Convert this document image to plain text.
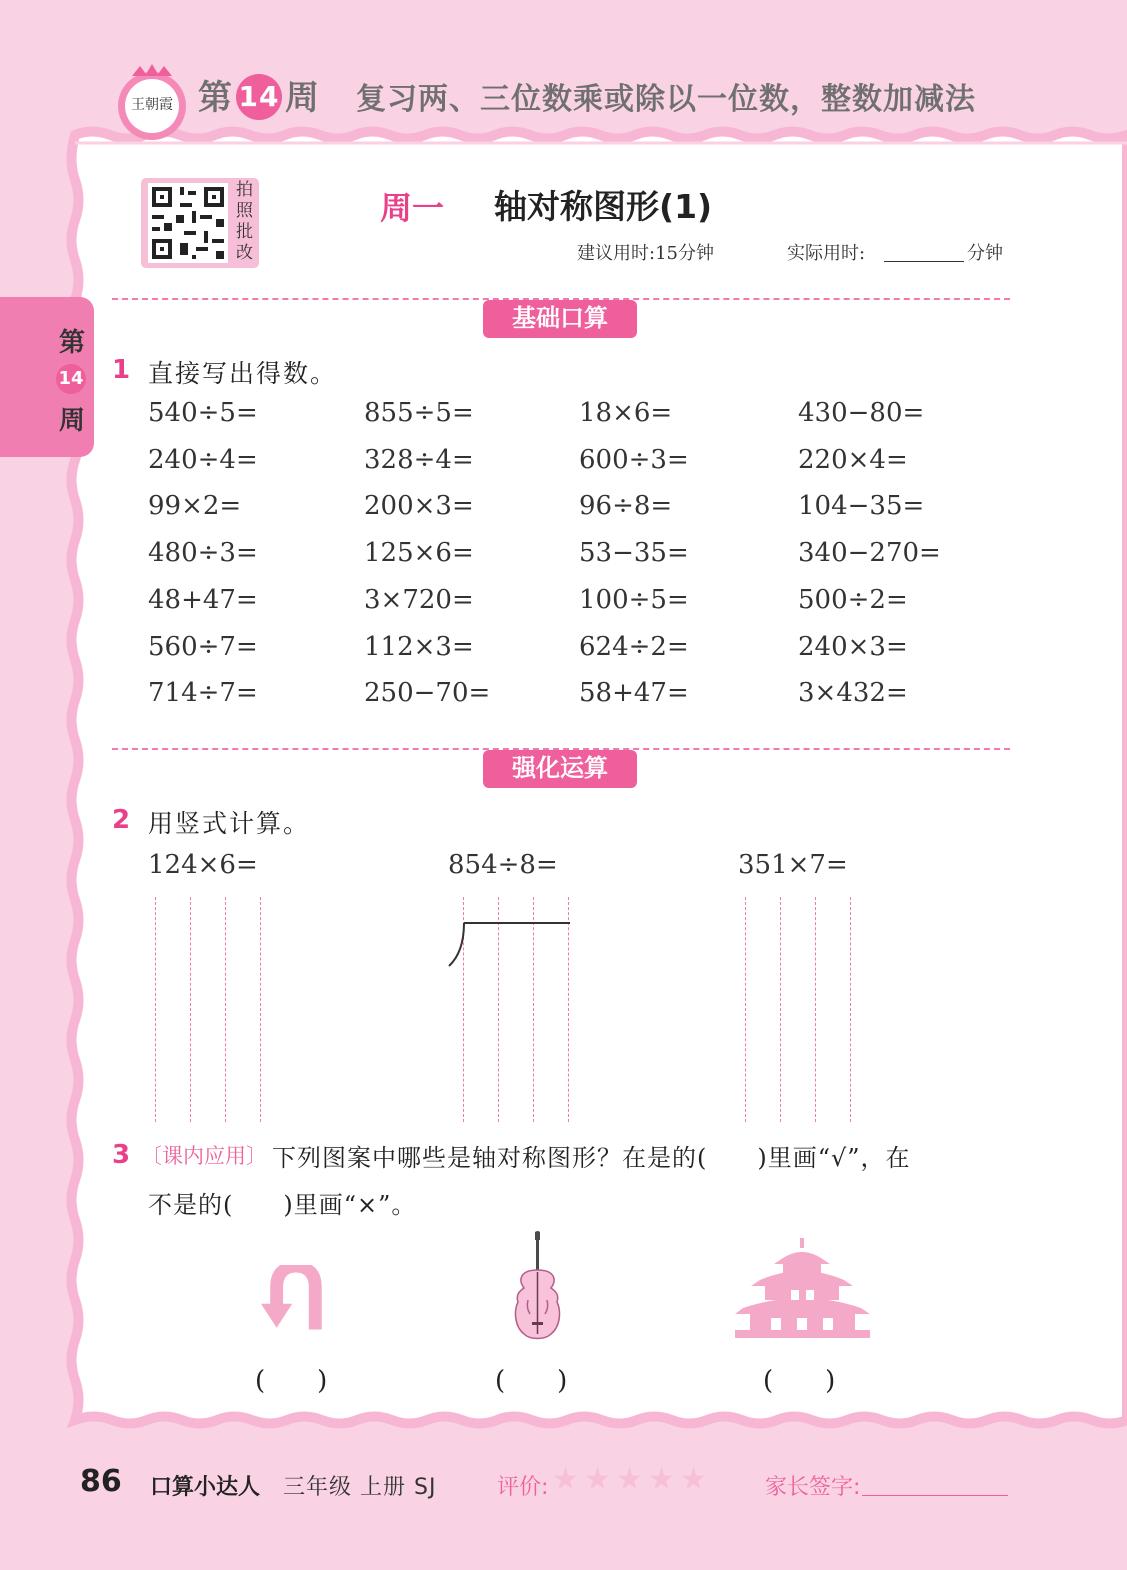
王朝霞 第 14 周 复习两、三位数乘或除以一位数，整数加减法
第
14
周
拍照批改
周一 轴对称图形(1)
建议用时:15分钟	实际用时:	分钟
基础口算
1 直接写出得数。
540÷5=	855÷5=	18×6=	430−80=
240÷4=	328÷4=	600÷3=	220×4=
99×2=	200×3=	96÷8=	104−35=
480÷3=	125×6=	53−35=	340−270=
48+47=	3×720=	100÷5=	500÷2=
560÷7=	112×3=	624÷2=	240×3=
714÷7=	250−70=	58+47=	3×432=
强化运算
2 用竖式计算。
124×6=	854÷8=	351×7=
3 〔课内应用〕 下列图案中哪些是轴对称图形？在是的(　　)里画“√”，在
不是的(　　)里画“×”。
(　　)	(　　)	(　　)
86 口算小达人 三年级 上册 SJ	评价: ★ ★ ★ ★ ★	家长签字:
